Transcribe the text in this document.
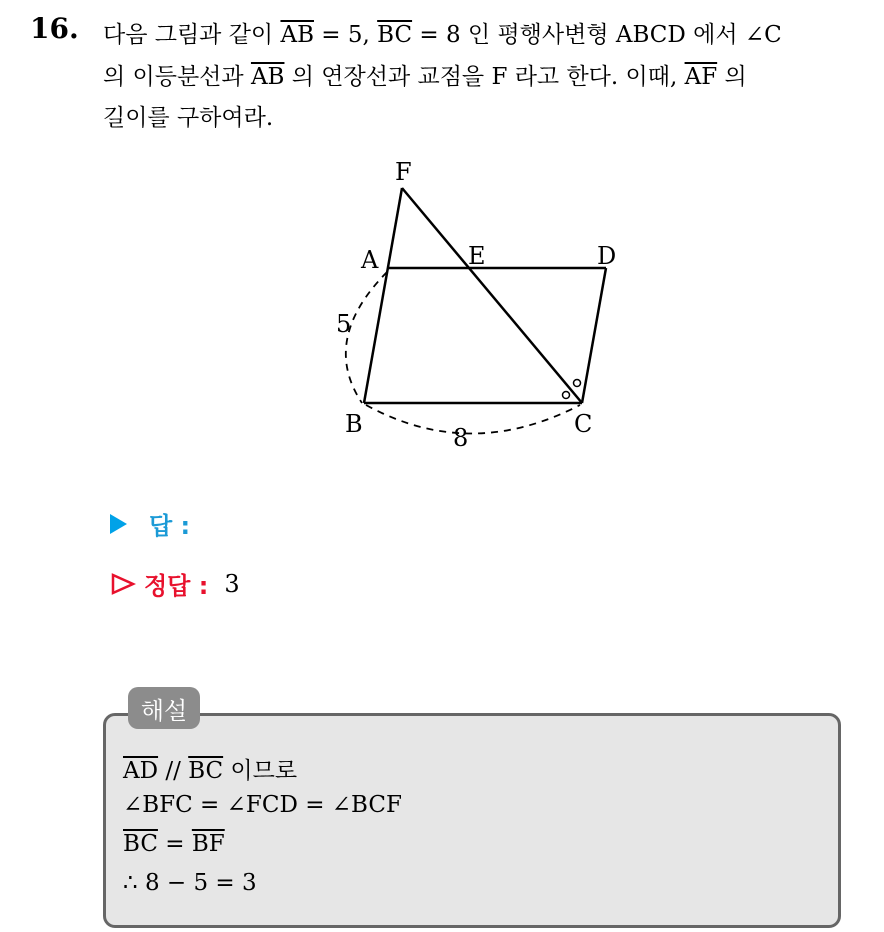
16. 다음 그림과 같이 $\overline{AB} = 5$, $\overline{BC} = 8$ 인 평행사변형 ABCD 에서 ∠C
의 이등분선과 $\overline{AB}$ 의 연장선과 교점을 F 라고 한다. 이때, $\overline{AF}$ 의
길이를 구하여라.
F
A	E	D
B	C
5
8
답 :
정답 : 3
해설
$\overline{AD} // \overline{BC}$ 이므로
∠BFC = ∠FCD = ∠BCF
$\overline{BC} = \overline{BF}$
∴ 8 − 5 = 3
